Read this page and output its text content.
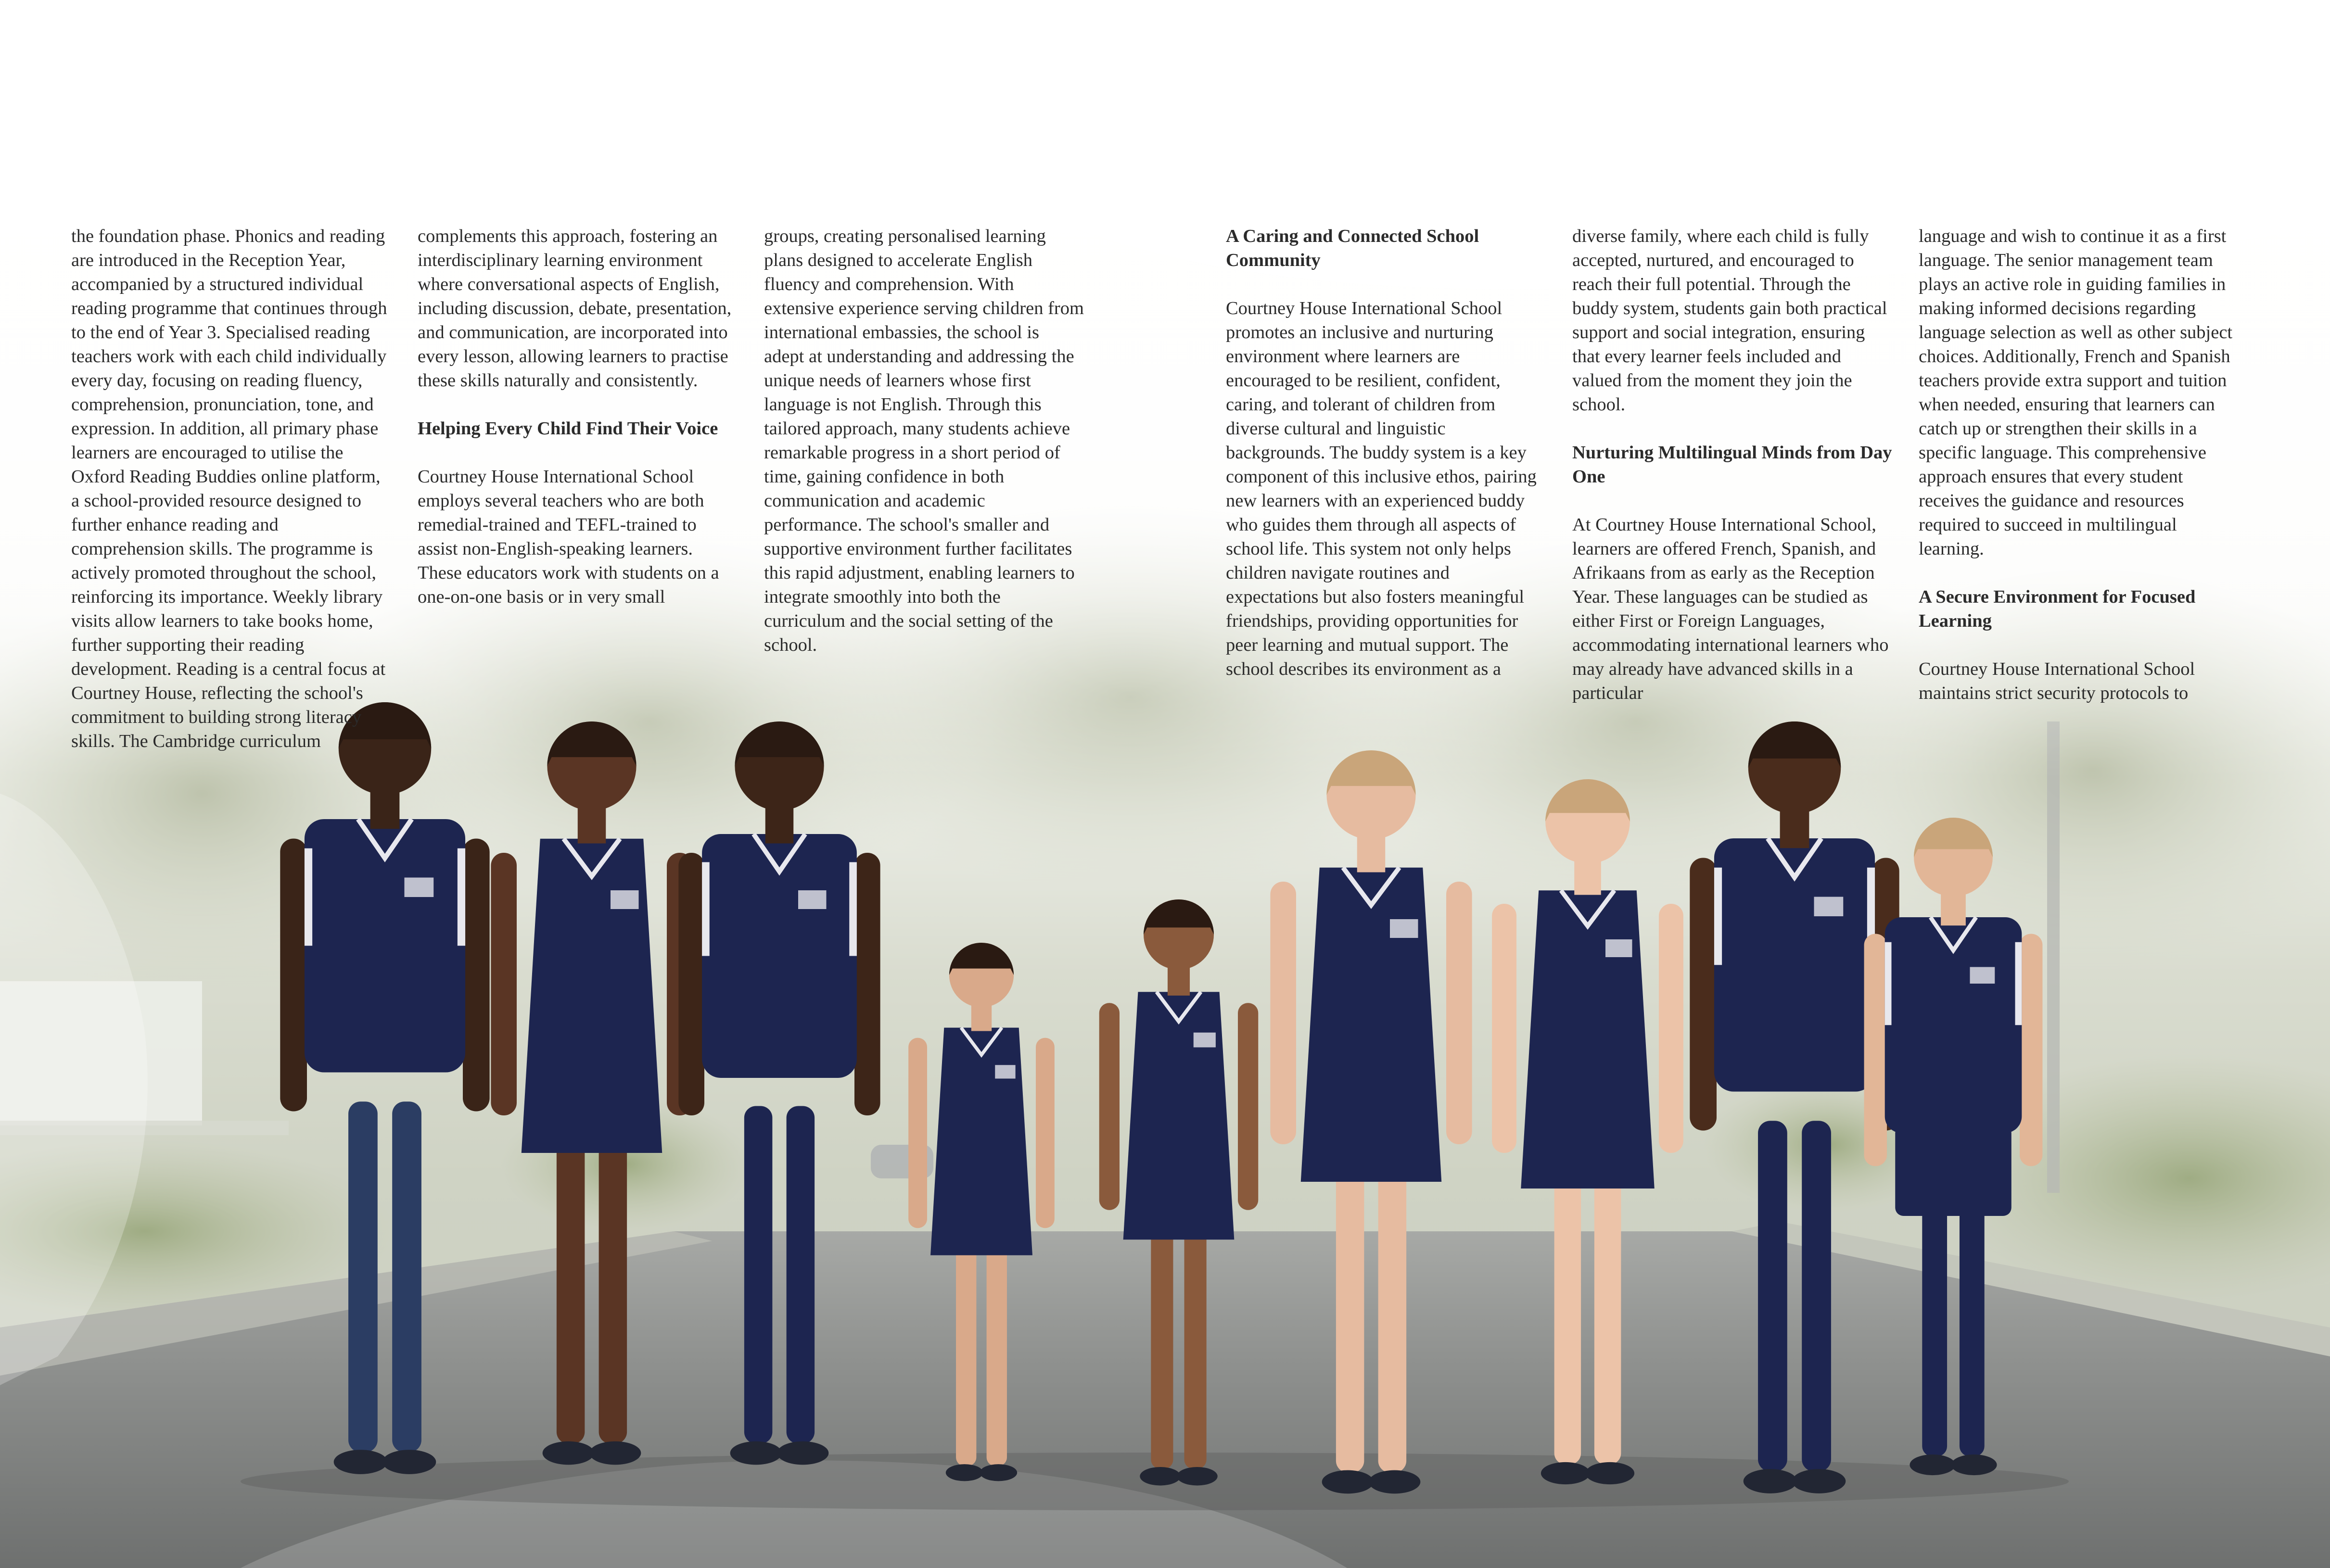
the foundation phase. Phonics and reading are introduced in the Reception Year, accompanied by a structured individual reading programme that continues through to the end of Year 3. Specialised reading teachers work with each child individually every day, focusing on reading fluency, comprehension, pronunciation, tone, and expression. In addition, all primary phase learners are encouraged to utilise the Oxford Reading Buddies online platform, a school-provided resource designed to further enhance reading and comprehension skills. The programme is actively promoted throughout the school, reinforcing its importance. Weekly library visits allow learners to take books home, further supporting their reading development. Reading is a central focus at Courtney House, reflecting the school's commitment to building strong literacy skills. The Cambridge curriculum

complements this approach, fostering an interdisciplinary learning environment where conversational aspects of English, including discussion, debate, presentation, and communication, are incorporated into every lesson, allowing learners to practise these skills naturally and consistently.

Helping Every Child Find Their Voice

Courtney House International School employs several teachers who are both remedial-trained and TEFL-trained to assist non-English-speaking learners. These educators work with students on a one-on-one basis or in very small

groups, creating personalised learning plans designed to accelerate English fluency and comprehension. With extensive experience serving children from international embassies, the school is adept at understanding and addressing the unique needs of learners whose first language is not English. Through this tailored approach, many students achieve remarkable progress in a short period of time, gaining confidence in both communication and academic performance. The school's smaller and supportive environment further facilitates this rapid adjustment, enabling learners to integrate smoothly into both the curriculum and the social setting of the school.

A Caring and Connected School Community

Courtney House International School promotes an inclusive and nurturing environment where learners are encouraged to be resilient, confident, caring, and tolerant of children from diverse cultural and linguistic backgrounds. The buddy system is a key component of this inclusive ethos, pairing new learners with an experienced buddy who guides them through all aspects of school life. This system not only helps children navigate routines and expectations but also fosters meaningful friendships, providing opportunities for peer learning and mutual support. The school describes its environment as a

diverse family, where each child is fully accepted, nurtured, and encouraged to reach their full potential. Through the buddy system, students gain both practical support and social integration, ensuring that every learner feels included and valued from the moment they join the school.

Nurturing Multilingual Minds from Day One

At Courtney House International School, learners are offered French, Spanish, and Afrikaans from as early as the Reception Year. These languages can be studied as either First or Foreign Languages, accommodating international learners who may already have advanced skills in a particular

language and wish to continue it as a first language. The senior management team plays an active role in guiding families in making informed decisions regarding language selection as well as other subject choices. Additionally, French and Spanish teachers provide extra support and tuition when needed, ensuring that learners can catch up or strengthen their skills in a specific language. This comprehensive approach ensures that every student receives the guidance and resources required to succeed in multilingual learning.

A Secure Environment for Focused Learning

Courtney House International School maintains strict security protocols to
